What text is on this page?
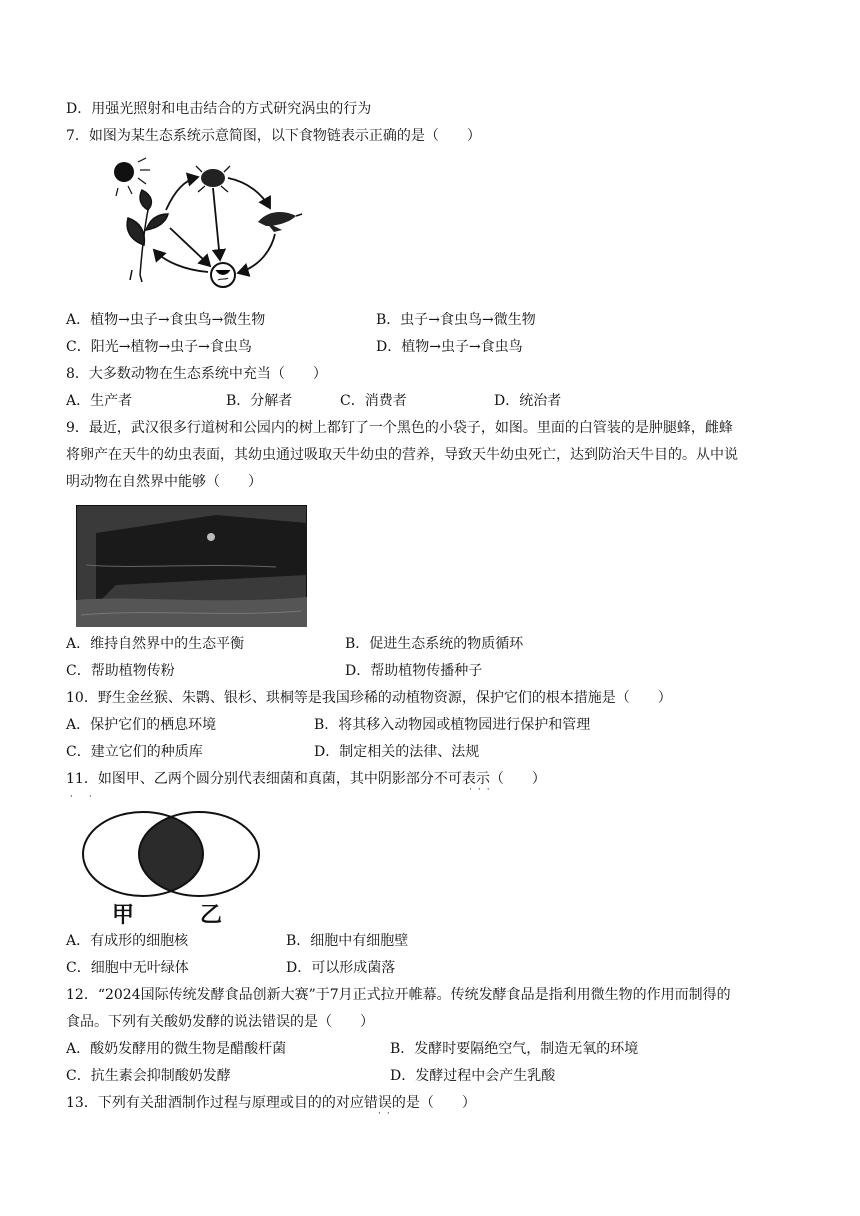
D．用强光照射和电击结合的方式研究涡虫的行为
7．如图为某生态系统示意简图，以下食物链表示正确的是（　　）
A．植物→虫子→食虫鸟→微生物	B．虫子→食虫鸟→微生物
C．阳光→植物→虫子→食虫鸟	D．植物→虫子→食虫鸟
8．大多数动物在生态系统中充当（　　）
A．生产者	B．分解者	C．消费者	D．统治者
9．最近，武汉很多行道树和公园内的树上都钉了一个黑色的小袋子，如图。里面的白管装的是肿腿蜂，雌蜂
将卵产在天牛的幼虫表面，其幼虫通过吸取天牛幼虫的营养，导致天牛幼虫死亡，达到防治天牛目的。从中说
明动物在自然界中能够（　　）
A．维持自然界中的生态平衡	B．促进生态系统的物质循环
C．帮助植物传粉	D．帮助植物传播种子
10．野生金丝猴、朱鹮、银杉、珙桐等是我国珍稀的动植物资源，保护它们的根本措施是（　　）
A．保护它们的栖息环境	B．将其移入动物园或植物园进行保护和管理
C．建立它们的种质库	D．制定相关的法律、法规
11．如图甲、乙两个圆分别代表细菌和真菌，其中阴影部分不可表示（　　）
···
··
甲	乙
A．有成形的细胞核	B．细胞中有细胞壁
C．细胞中无叶绿体	D．可以形成菌落
12．“2024国际传统发酵食品创新大赛”于7月正式拉开帷幕。传统发酵食品是指利用微生物的作用而制得的
食品。下列有关酸奶发酵的说法错误的是（　　）
A．酸奶发酵用的微生物是醋酸杆菌	B．发酵时要隔绝空气，制造无氧的环境
C．抗生素会抑制酸奶发酵	D．发酵过程中会产生乳酸
13．下列有关甜酒制作过程与原理或目的的对应错误的是（　　）
··
